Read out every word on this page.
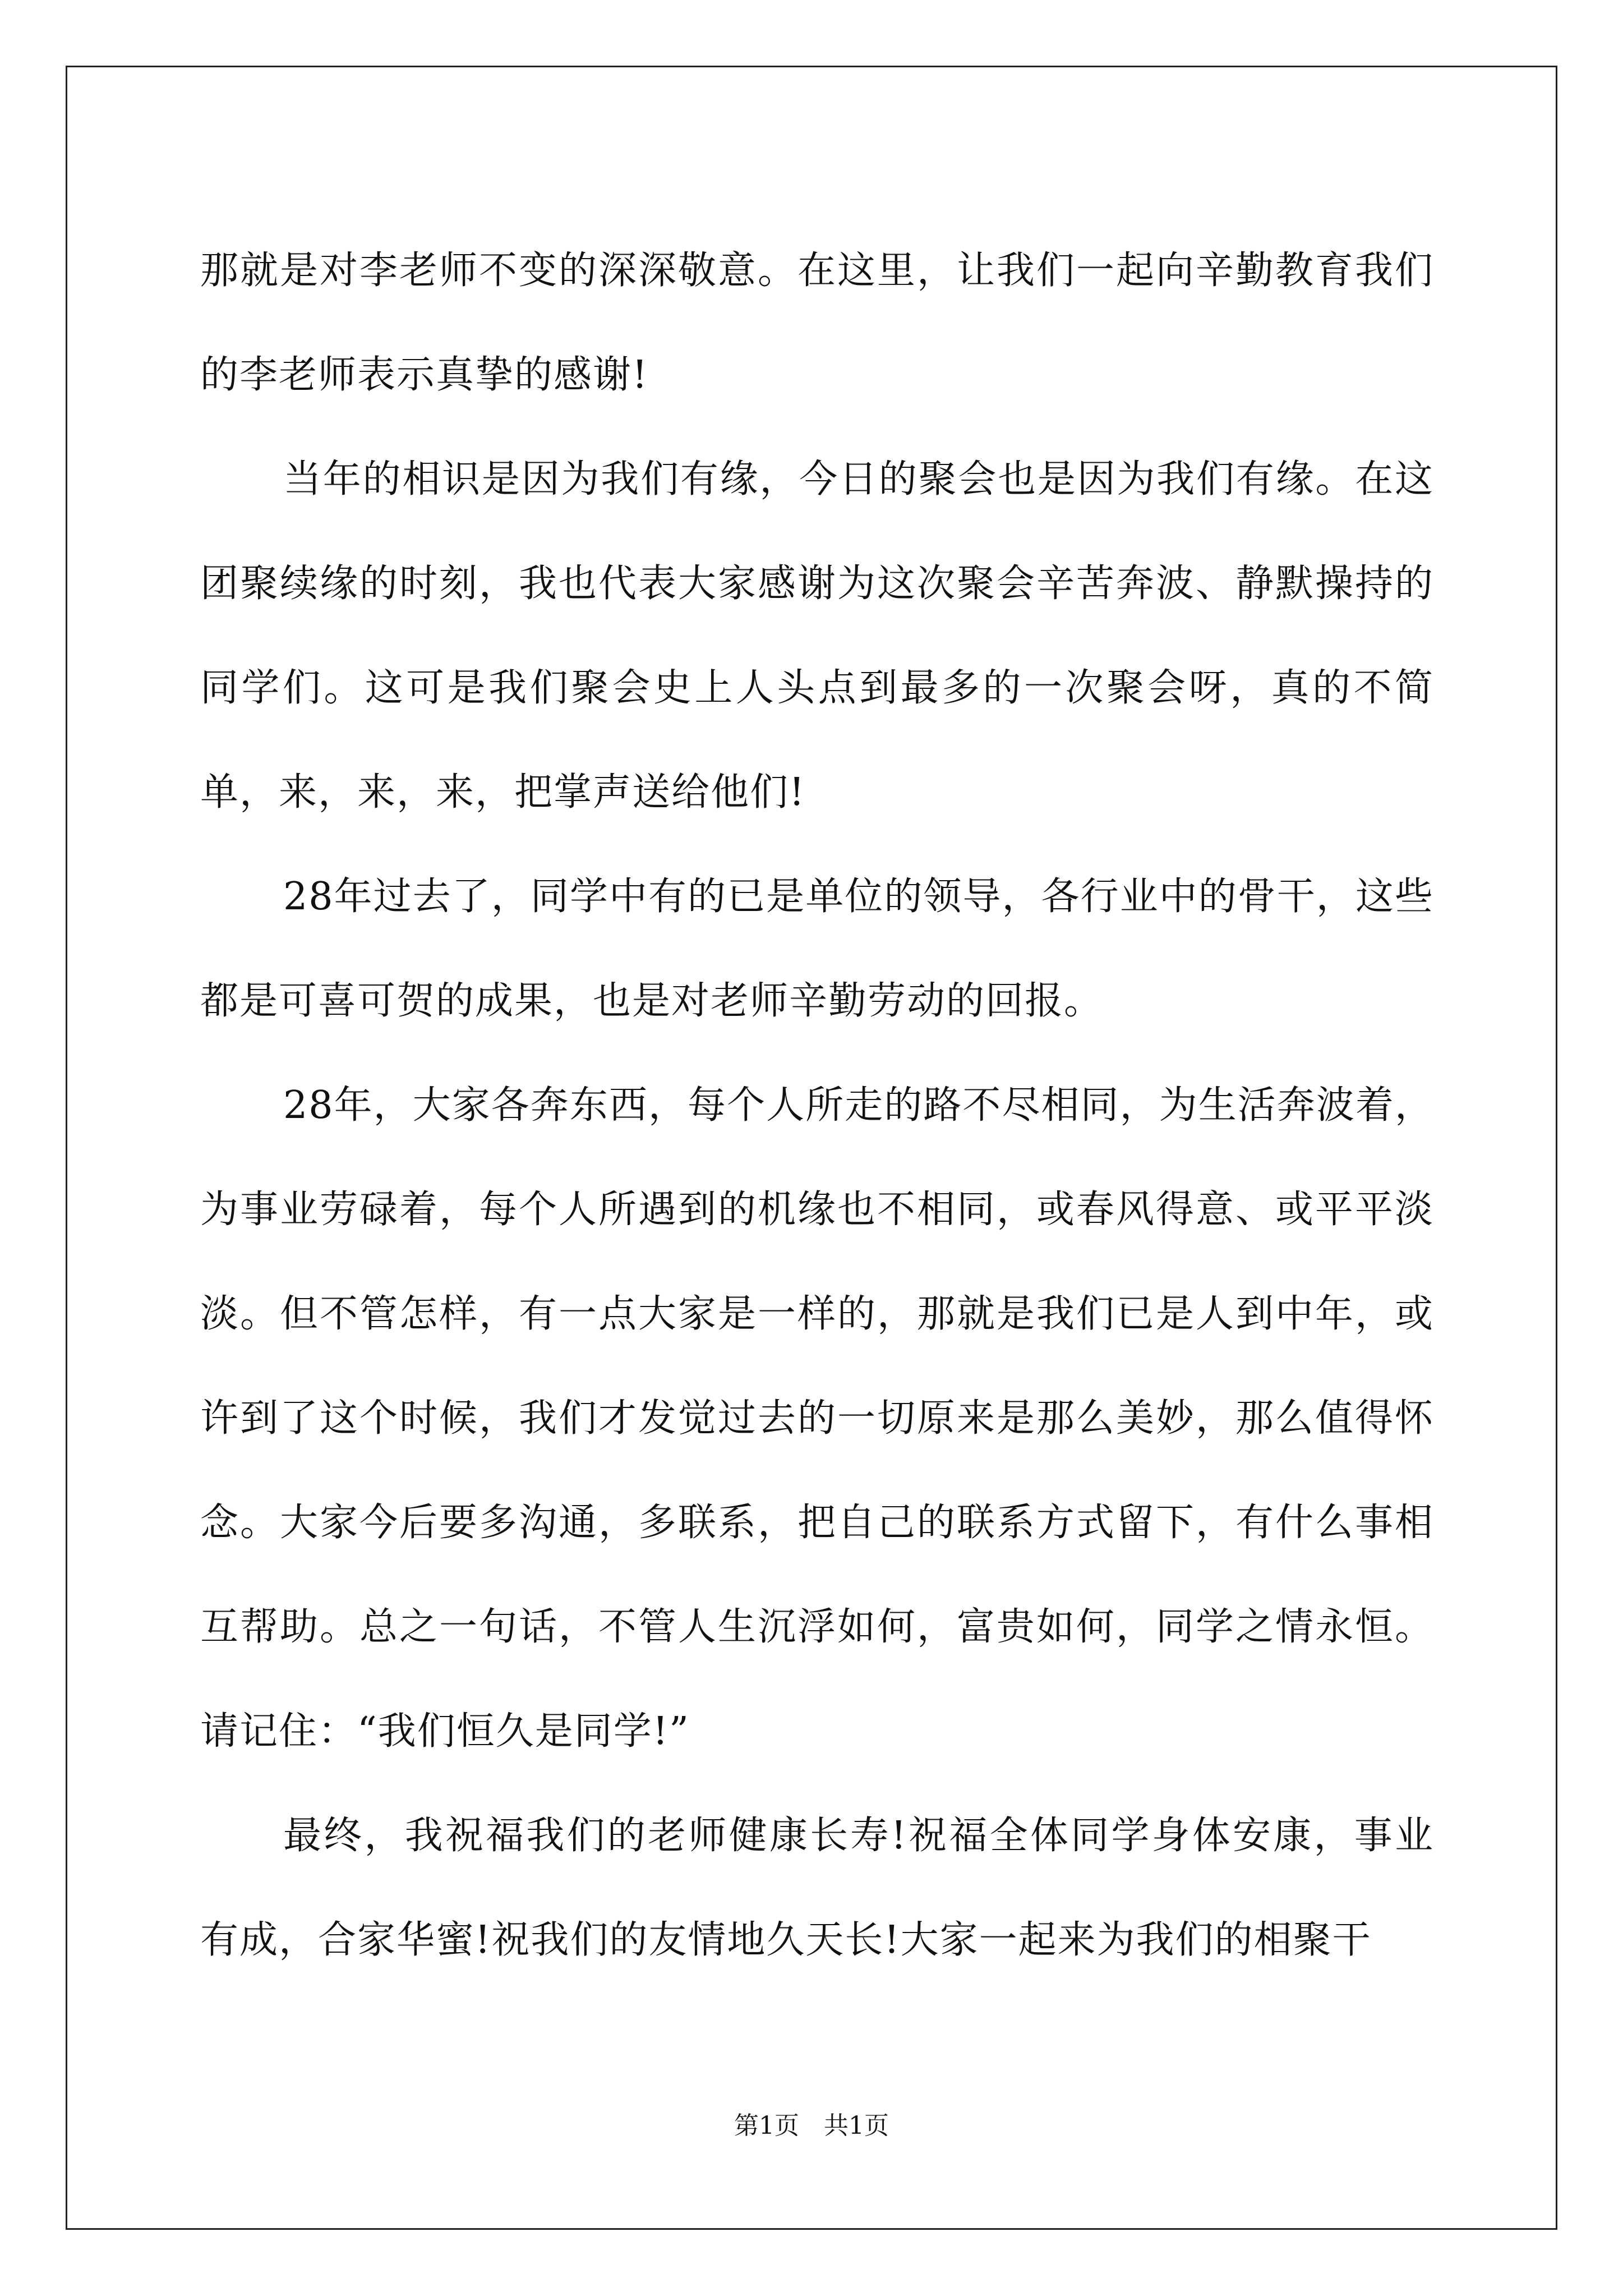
那就是对李老师不变的深深敬意。在这里，让我们一起向辛勤教育我们的李老师表示真挚的感谢!

当年的相识是因为我们有缘，今日的聚会也是因为我们有缘。在这团聚续缘的时刻，我也代表大家感谢为这次聚会辛苦奔波、静默操持的同学们。这可是我们聚会史上人头点到最多的一次聚会呀，真的不简单，来，来，来，把掌声送给他们!

28年过去了，同学中有的已是单位的领导，各行业中的骨干，这些都是可喜可贺的成果，也是对老师辛勤劳动的回报。

28年，大家各奔东西，每个人所走的路不尽相同，为生活奔波着，为事业劳碌着，每个人所遇到的机缘也不相同，或春风得意、或平平淡淡。但不管怎样，有一点大家是一样的，那就是我们已是人到中年，或许到了这个时候，我们才发觉过去的一切原来是那么美妙，那么值得怀念。大家今后要多沟通，多联系，把自己的联系方式留下，有什么事相互帮助。总之一句话，不管人生沉浮如何，富贵如何，同学之情永恒。请记住：“我们恒久是同学!”

最终，我祝福我们的老师健康长寿!祝福全体同学身体安康，事业有成，合家华蜜!祝我们的友情地久天长!大家一起来为我们的相聚干

第1页　共1页
